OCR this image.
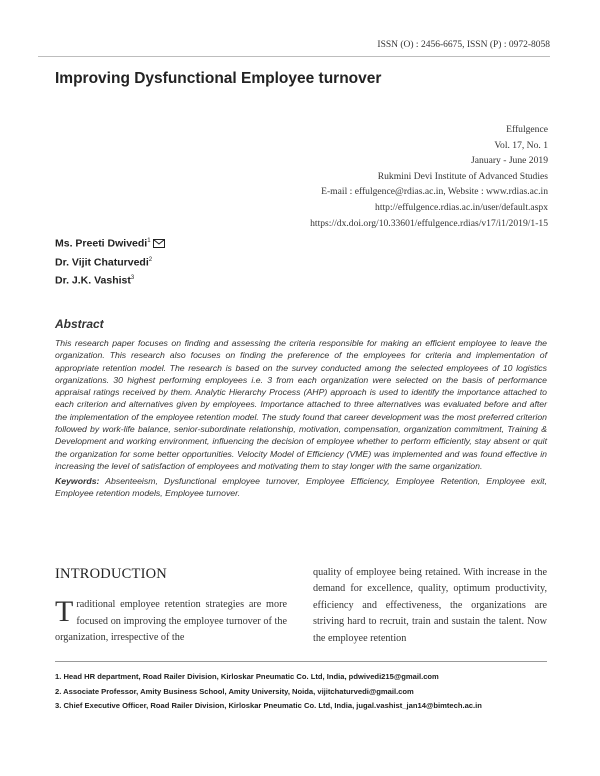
ISSN (O) : 2456-6675, ISSN (P) : 0972-8058
Improving Dysfunctional Employee turnover
Effulgence
Vol. 17, No. 1
January - June 2019
Rukmini Devi Institute of Advanced Studies
E-mail : effulgence@rdias.ac.in, Website : www.rdias.ac.in
http://effulgence.rdias.ac.in/user/default.aspx
https://dx.doi.org/10.33601/effulgence.rdias/v17/i1/2019/1-15
Ms. Preeti Dwivedi$^1$
Dr. Vijit Chaturvedi$^2$
Dr. J.K. Vashist$^3$
Abstract
This research paper focuses on finding and assessing the criteria responsible for making an efficient employee to leave the organization. This research also focuses on finding the preference of the employees for criteria and implementation of appropriate retention model. The research is based on the survey conducted among the selected employees of 10 logistics organizations. 30 highest performing employees i.e. 3 from each organization were selected on the basis of performance appraisal ratings received by them. Analytic Hierarchy Process (AHP) approach is used to identify the importance attached to each criterion and alternatives given by employees. Importance attached to three alternatives was evaluated before and after the implementation of the employee retention model. The study found that career development was the most preferred criterion followed by work-life balance, senior-subordinate relationship, motivation, compensation, organization commitment, Training & Development and working environment, influencing the decision of employee whether to perform efficiently, stay absent or quit the organization for some better opportunities. Velocity Model of Efficiency (VME) was implemented and was found effective in increasing the level of satisfaction of employees and motivating them to stay longer with the same organization.
Keywords: Absenteeism, Dysfunctional employee turnover, Employee Efficiency, Employee Retention, Employee exit, Employee retention models, Employee turnover.
INTRODUCTION
Traditional employee retention strategies are more focused on improving the employee turnover of the organization, irrespective of the
quality of employee being retained. With increase in the demand for excellence, quality, optimum productivity, efficiency and effectiveness, the organizations are striving hard to recruit, train and sustain the talent. Now the employee retention
1. Head HR department, Road Railer Division, Kirloskar Pneumatic Co. Ltd, India, pdwivedi215@gmail.com
2. Associate Professor, Amity Business School, Amity University, Noida, vijitchaturvedi@gmail.com
3. Chief Executive Officer, Road Railer Division, Kirloskar Pneumatic Co. Ltd, India, jugal.vashist_jan14@bimtech.ac.in
